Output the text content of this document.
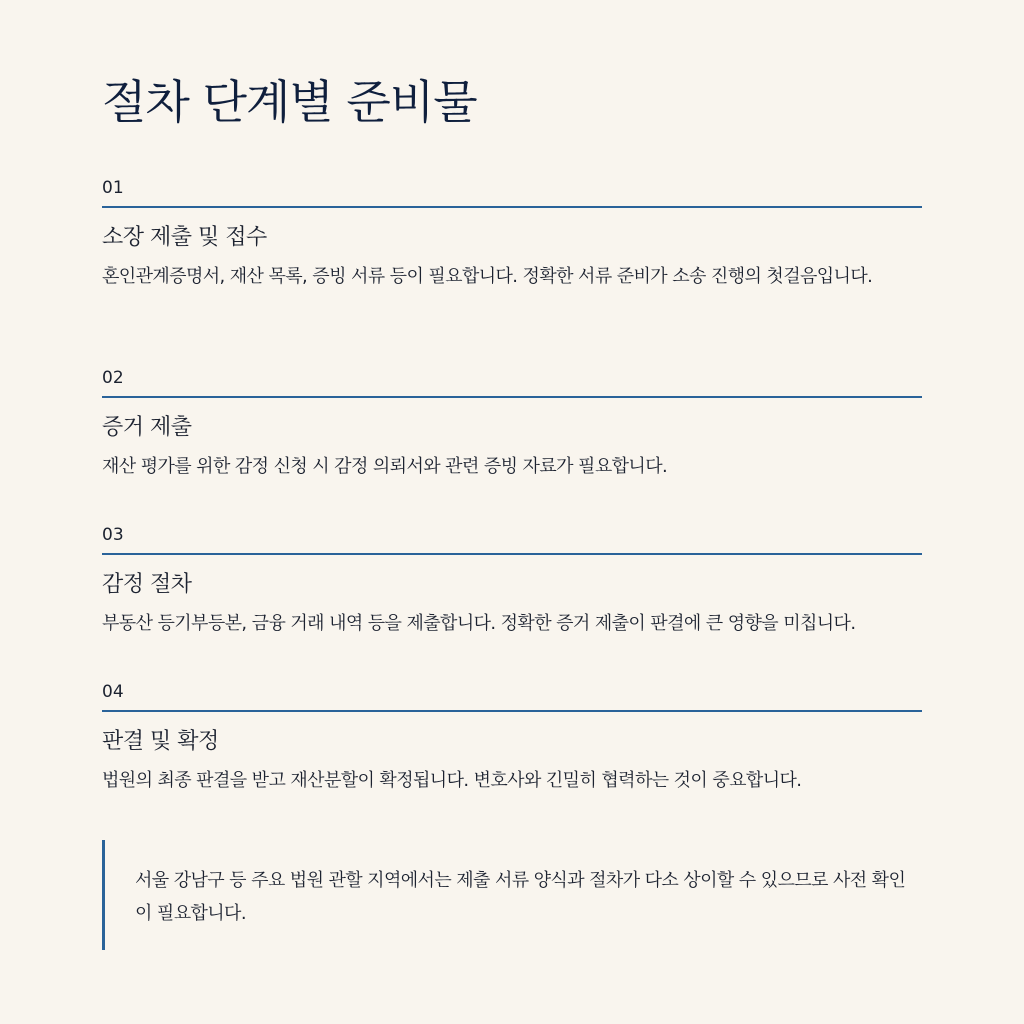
절차 단계별 준비물
01
소장 제출 및 접수
혼인관계증명서, 재산 목록, 증빙 서류 등이 필요합니다. 정확한 서류 준비가 소송 진행의 첫걸음입니다.
02
증거 제출
재산 평가를 위한 감정 신청 시 감정 의뢰서와 관련 증빙 자료가 필요합니다.
03
감정 절차
부동산 등기부등본, 금융 거래 내역 등을 제출합니다. 정확한 증거 제출이 판결에 큰 영향을 미칩니다.
04
판결 및 확정
법원의 최종 판결을 받고 재산분할이 확정됩니다. 변호사와 긴밀히 협력하는 것이 중요합니다.

서울 강남구 등 주요 법원 관할 지역에서는 제출 서류 양식과 절차가 다소 상이할 수 있으므로 사전 확인이 필요합니다.
